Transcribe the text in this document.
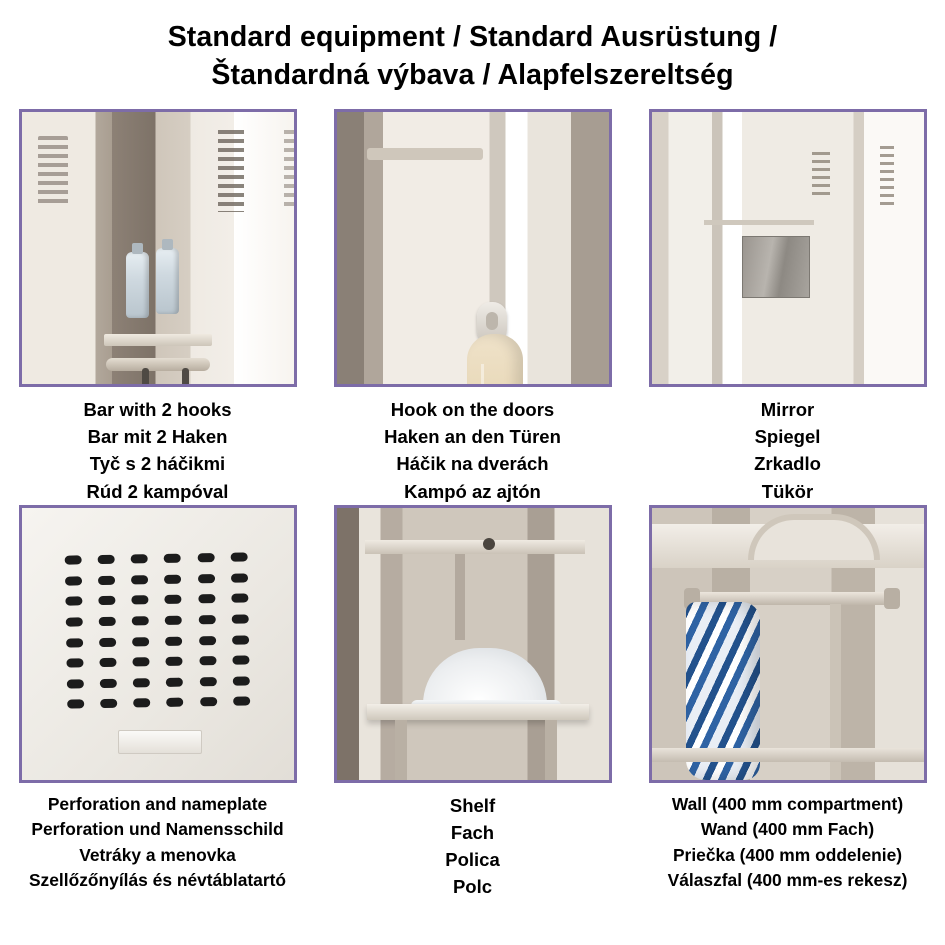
Standard equipment / Standard Ausrüstung /
Štandardná výbava / Alapfelszereltség
Bar with 2 hooks
Bar mit 2 Haken
Tyč s 2 háčikmi
Rúd 2 kampóval
Hook on the doors
Haken an den Türen
Háčik na dverách
Kampó az ajtón
Mirror
Spiegel
Zrkadlo
Tükör
Perforation and nameplate
Perforation und Namensschild
Vetráky a menovka
Szellőzőnyílás és névtáblatartó
Shelf
Fach
Polica
Polc
Wall (400 mm compartment)
Wand (400 mm Fach)
Priečka (400 mm oddelenie)
Válaszfal (400 mm-es rekesz)
